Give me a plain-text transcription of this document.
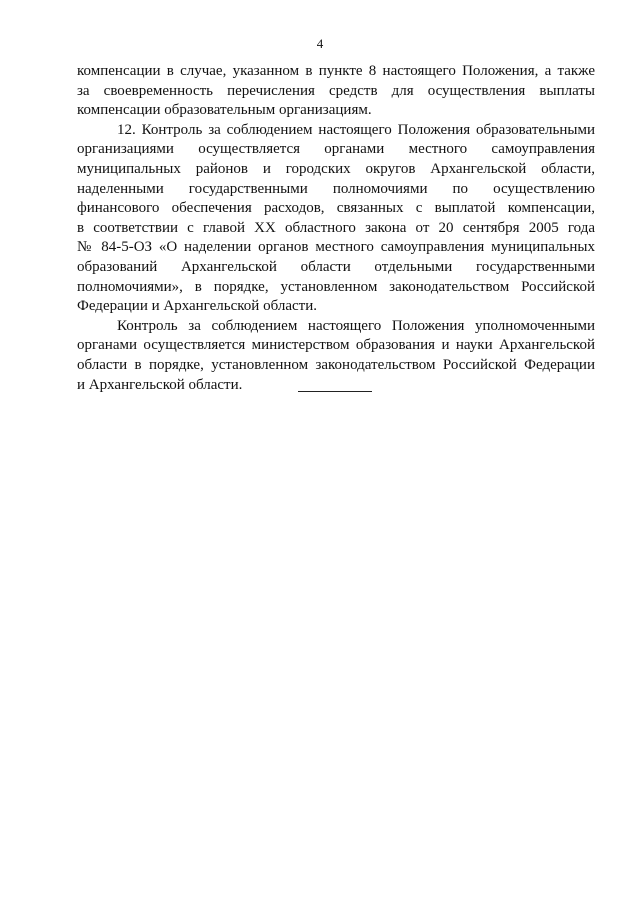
4
компенсации в случае, указанном в пункте 8 настоящего Положения, а также
за своевременность перечисления средств для осуществления выплаты
компенсации образовательным организациям.
12. Контроль за соблюдением настоящего Положения образовательными
организациями осуществляется органами местного самоуправления
муниципальных районов и городских округов Архангельской области,
наделенными государственными полномочиями по осуществлению
финансового обеспечения расходов, связанных с выплатой компенсации,
в соответствии с главой XX областного закона от 20 сентября 2005 года
№ 84-5-ОЗ «О наделении органов местного самоуправления муниципальных
образований Архангельской области отдельными государственными
полномочиями», в порядке, установленном законодательством Российской
Федерации и Архангельской области.
Контроль за соблюдением настоящего Положения уполномоченными
органами осуществляется министерством образования и науки Архангельской
области в порядке, установленном законодательством Российской Федерации
и Архангельской области.
